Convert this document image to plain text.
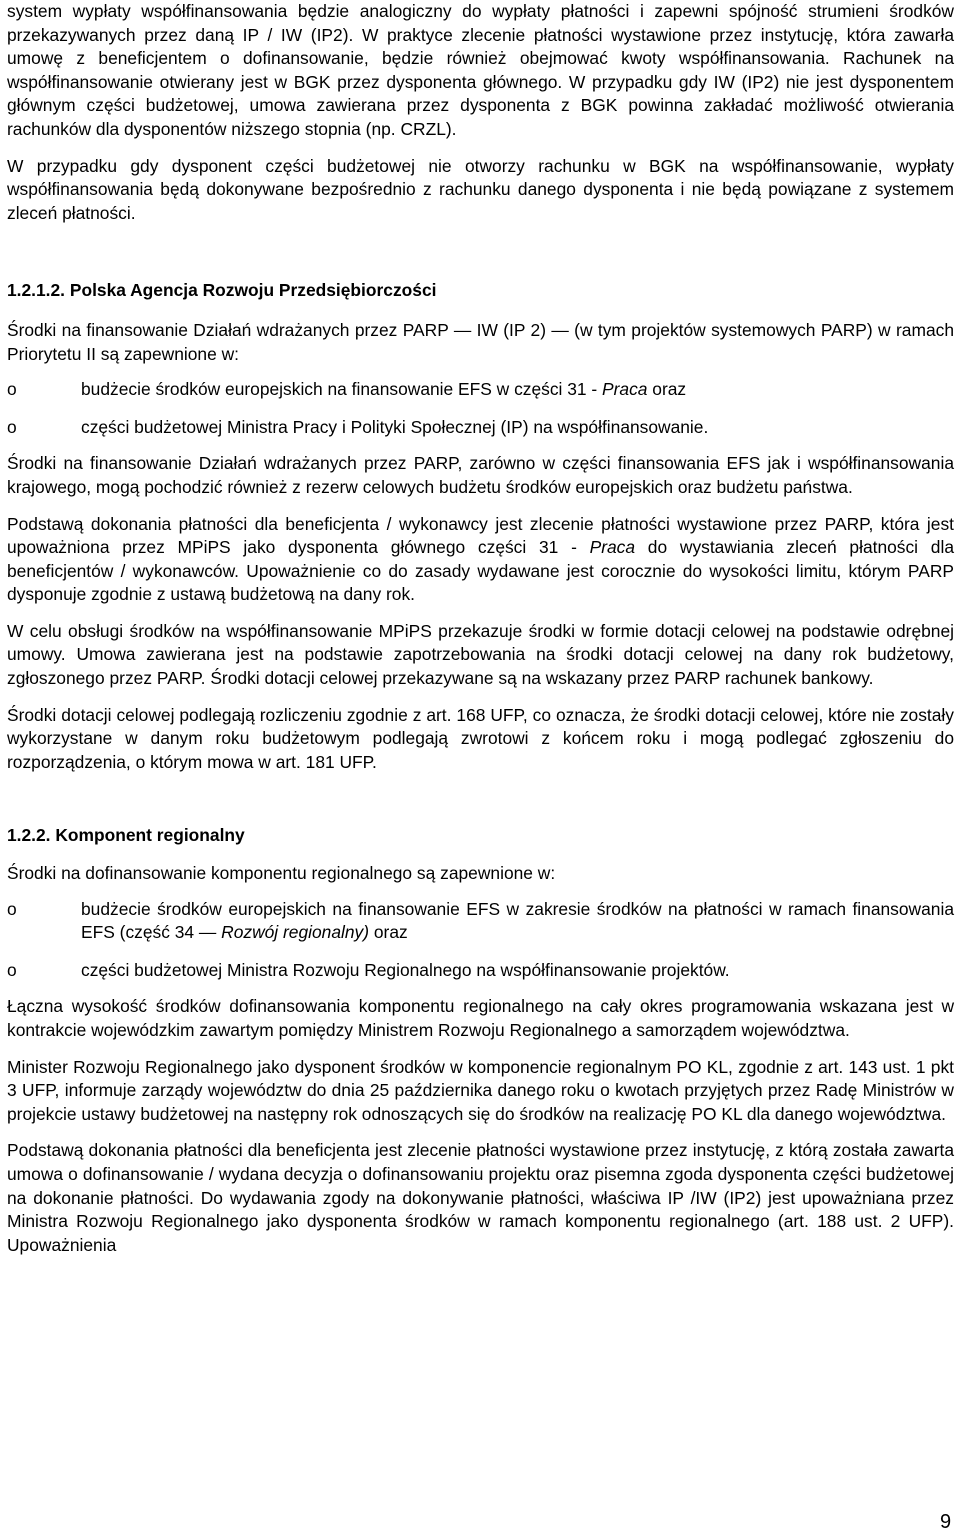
system wypłaty współfinansowania będzie analogiczny do wypłaty płatności i zapewni spójność strumieni środków przekazywanych przez daną IP / IW (IP2). W praktyce zlecenie płatności wystawione przez instytucję, która zawarła umowę z beneficjentem o dofinansowanie, będzie również obejmować kwoty współfinansowania. Rachunek na współfinansowanie otwierany jest w BGK przez dysponenta głównego. W przypadku gdy IW (IP2) nie jest dysponentem głównym części budżetowej, umowa zawierana przez dysponenta z BGK powinna zakładać możliwość otwierania rachunków dla dysponentów niższego stopnia (np. CRZL).

W przypadku gdy dysponent części budżetowej nie otworzy rachunku w BGK na współfinansowanie, wypłaty współfinansowania będą dokonywane bezpośrednio z rachunku danego dysponenta i nie będą powiązane z systemem zleceń płatności.

1.2.1.2. Polska Agencja Rozwoju Przedsiębiorczości

Środki na finansowanie Działań wdrażanych przez PARP ― IW (IP 2) ― (w tym projektów systemowych PARP) w ramach Priorytetu II są zapewnione w:

o	budżecie środków europejskich na finansowanie EFS w części 31 - Praca oraz
o	części budżetowej Ministra Pracy i Polityki Społecznej (IP) na współfinansowanie.

Środki na finansowanie Działań wdrażanych przez PARP, zarówno w części finansowania EFS jak i współfinansowania krajowego, mogą pochodzić również z rezerw celowych budżetu środków europejskich oraz budżetu państwa.

Podstawą dokonania płatności dla beneficjenta / wykonawcy jest zlecenie płatności wystawione przez PARP, która jest upoważniona przez MPiPS jako dysponenta głównego części 31 - Praca do wystawiania zleceń płatności dla beneficjentów / wykonawców. Upoważnienie co do zasady wydawane jest corocznie do wysokości limitu, którym PARP dysponuje zgodnie z ustawą budżetową na dany rok.

W celu obsługi środków na współfinansowanie MPiPS przekazuje środki w formie dotacji celowej na podstawie odrębnej umowy. Umowa zawierana jest na podstawie zapotrzebowania na środki dotacji celowej na dany rok budżetowy, zgłoszonego przez PARP. Środki dotacji celowej przekazywane są na wskazany przez PARP rachunek bankowy.

Środki dotacji celowej podlegają rozliczeniu zgodnie z art. 168 UFP, co oznacza, że środki dotacji celowej, które nie zostały wykorzystane w danym roku budżetowym podlegają zwrotowi z końcem roku i mogą podlegać zgłoszeniu do rozporządzenia, o którym mowa w art. 181 UFP.

1.2.2. Komponent regionalny

Środki na dofinansowanie komponentu regionalnego są zapewnione w:

o	budżecie środków europejskich na finansowanie EFS w zakresie środków na płatności w ramach finansowania EFS (część 34 ― Rozwój regionalny) oraz
o	części budżetowej Ministra Rozwoju Regionalnego na współfinansowanie projektów.

Łączna wysokość środków dofinansowania komponentu regionalnego na cały okres programowania wskazana jest w kontrakcie wojewódzkim zawartym pomiędzy Ministrem Rozwoju Regionalnego a samorządem województwa.

Minister Rozwoju Regionalnego jako dysponent środków w komponencie regionalnym PO KL, zgodnie z art. 143 ust. 1 pkt 3 UFP, informuje zarządy województw do dnia 25 października danego roku o kwotach przyjętych przez Radę Ministrów w projekcie ustawy budżetowej na następny rok odnoszących się do środków na realizację PO KL dla danego województwa.

Podstawą dokonania płatności dla beneficjenta jest zlecenie płatności wystawione przez instytucję, z którą została zawarta umowa o dofinansowanie / wydana decyzja o dofinansowaniu projektu oraz pisemna zgoda dysponenta części budżetowej na dokonanie płatności. Do wydawania zgody na dokonywanie płatności, właściwa IP /IW (IP2) jest upoważniana przez Ministra Rozwoju Regionalnego jako dysponenta środków w ramach komponentu regionalnego (art. 188 ust. 2 UFP). Upoważnienia

9
